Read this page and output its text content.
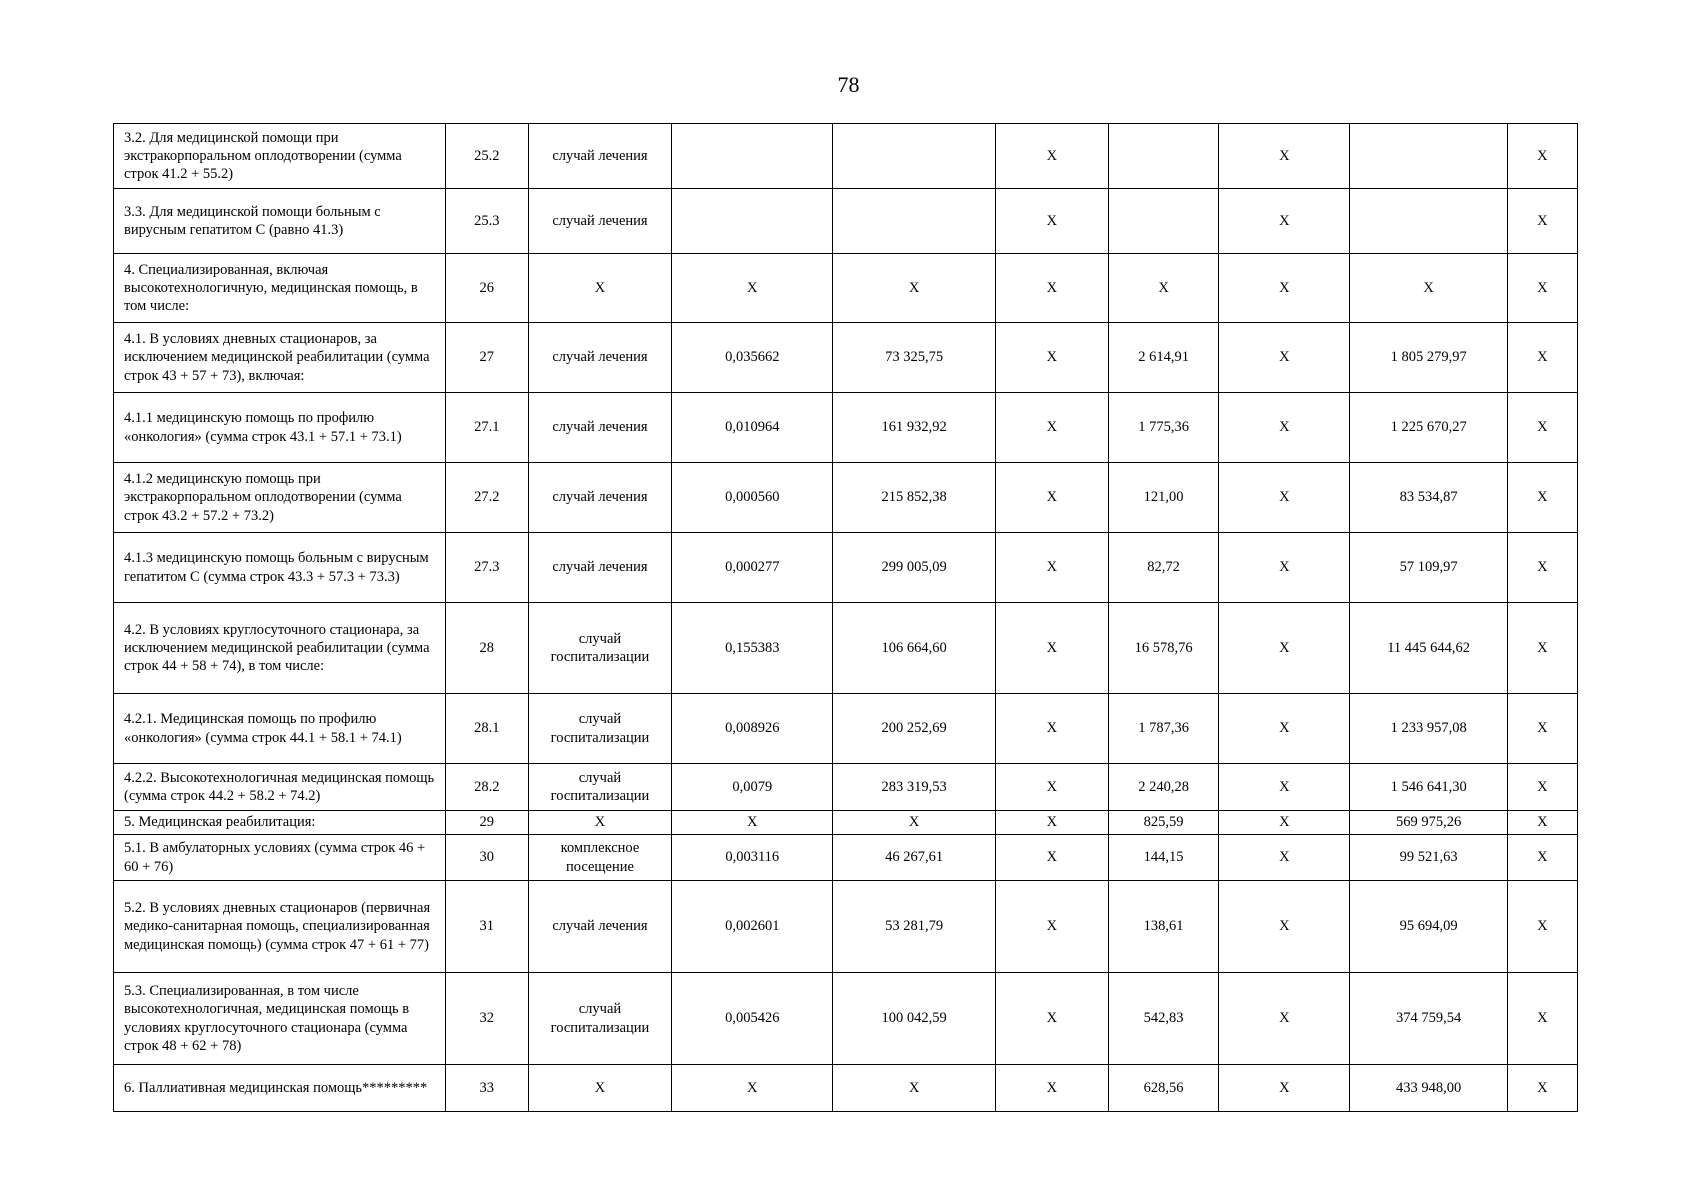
78
3.2. Для медицинской помощи при экстракорпоральном оплодотворении (сумма строк 41.2 + 55.2)	25.2	случай лечения			X		X		X
3.3. Для медицинской помощи больным с вирусным гепатитом С (равно 41.3)	25.3	случай лечения			X		X		X
4. Специализированная, включая высокотехнологичную, медицинская помощь, в том числе:	26	X	X	X	X	X	X	X	X
4.1. В условиях дневных стационаров, за исключением медицинской реабилитации (сумма строк 43 + 57 + 73), включая:	27	случай лечения	0,035662	73 325,75	X	2 614,91	X	1 805 279,97	X
4.1.1 медицинскую помощь по профилю «онкология» (сумма строк 43.1 + 57.1 + 73.1)	27.1	случай лечения	0,010964	161 932,92	X	1 775,36	X	1 225 670,27	X
4.1.2 медицинскую помощь при экстракорпоральном оплодотворении (сумма строк 43.2 + 57.2 + 73.2)	27.2	случай лечения	0,000560	215 852,38	X	121,00	X	83 534,87	X
4.1.3 медицинскую помощь больным с вирусным гепатитом С (сумма строк 43.3 + 57.3 + 73.3)	27.3	случай лечения	0,000277	299 005,09	X	82,72	X	57 109,97	X
4.2. В условиях круглосуточного стационара, за исключением медицинской реабилитации (сумма строк 44 + 58 + 74), в том числе:	28	случай госпитализации	0,155383	106 664,60	X	16 578,76	X	11 445 644,62	X
4.2.1. Медицинская помощь по профилю «онкология» (сумма строк 44.1 + 58.1 + 74.1)	28.1	случай госпитализации	0,008926	200 252,69	X	1 787,36	X	1 233 957,08	X
4.2.2. Высокотехнологичная медицинская помощь (сумма строк 44.2 + 58.2 + 74.2)	28.2	случай госпитализации	0,0079	283 319,53	X	2 240,28	X	1 546 641,30	X
5. Медицинская реабилитация:	29	X	X	X	X	825,59	X	569 975,26	X
5.1. В амбулаторных условиях (сумма строк 46 + 60 + 76)	30	комплексное посещение	0,003116	46 267,61	X	144,15	X	99 521,63	X
5.2. В условиях дневных стационаров (первичная медико-санитарная помощь, специализированная медицинская помощь) (сумма строк 47 + 61 + 77)	31	случай лечения	0,002601	53 281,79	X	138,61	X	95 694,09	X
5.3. Специализированная, в том числе высокотехнологичная, медицинская помощь в условиях круглосуточного стационара (сумма строк 48 + 62 + 78)	32	случай госпитализации	0,005426	100 042,59	X	542,83	X	374 759,54	X
6. Паллиативная медицинская помощь*********	33	X	X	X	X	628,56	X	433 948,00	X
